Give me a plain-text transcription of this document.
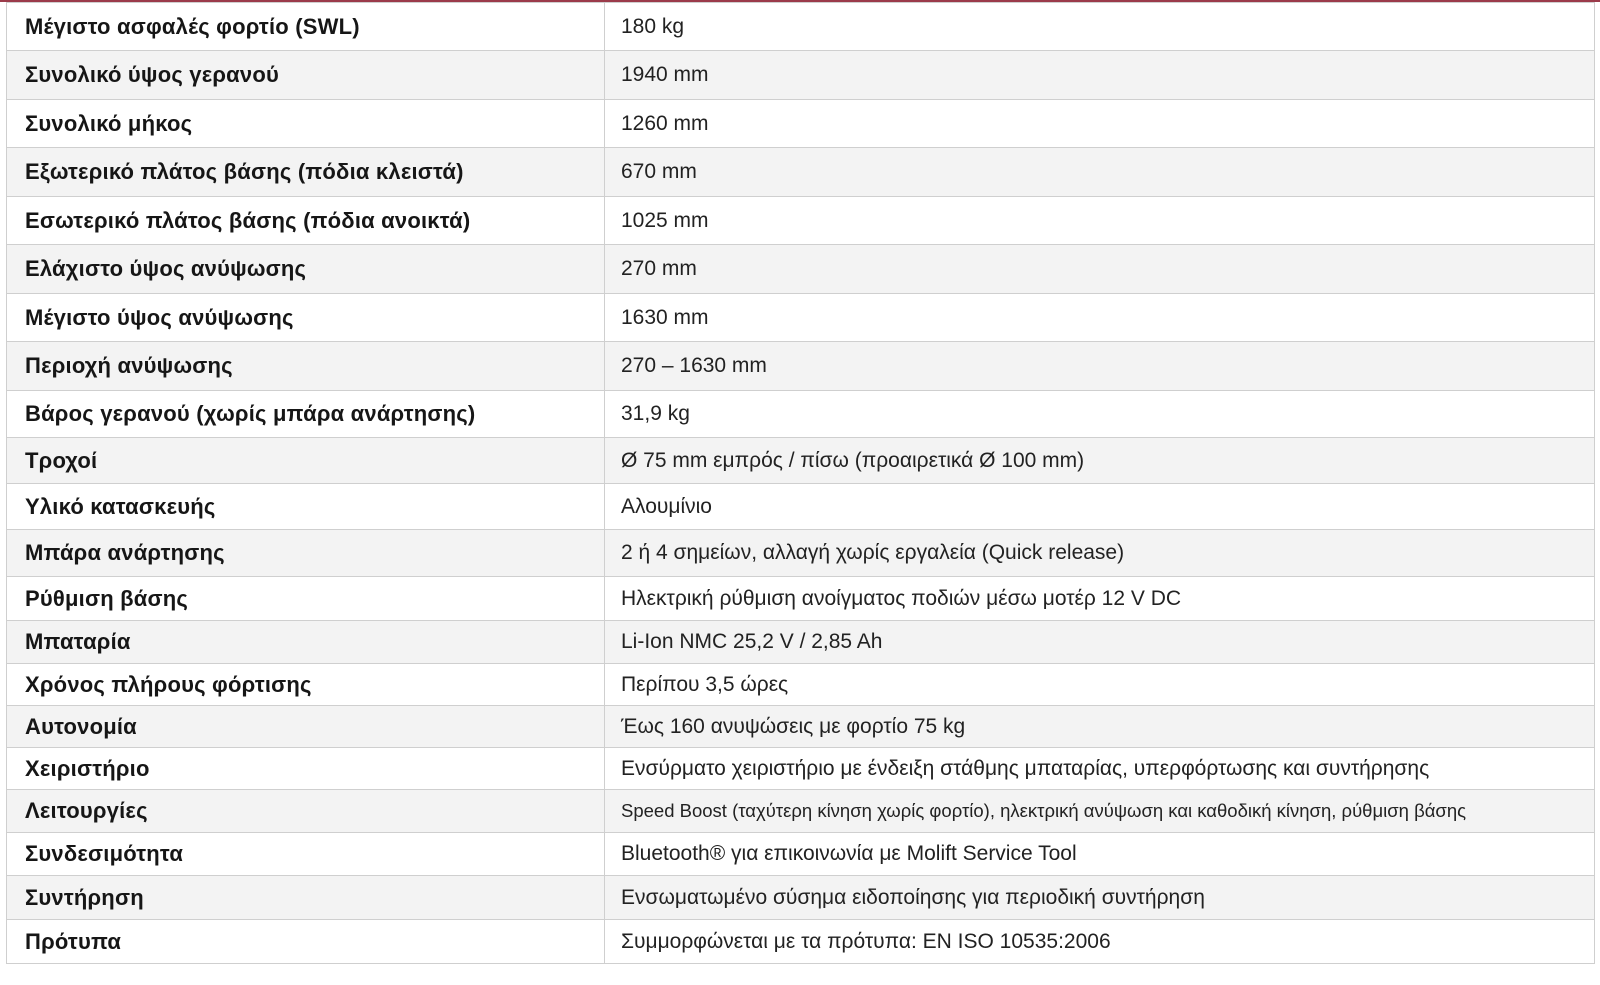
Μέγιστο ασφαλές φορτίο (SWL)	180 kg
Συνολικό ύψος γερανού	1940 mm
Συνολικό μήκος	1260 mm
Εξωτερικό πλάτος βάσης (πόδια κλειστά)	670 mm
Εσωτερικό πλάτος βάσης (πόδια ανοικτά)	1025 mm
Ελάχιστο ύψος ανύψωσης	270 mm
Μέγιστο ύψος ανύψωσης	1630 mm
Περιοχή ανύψωσης	270 – 1630 mm
Βάρος γερανού (χωρίς μπάρα ανάρτησης)	31,9 kg
Τροχοί	Ø 75 mm εμπρός / πίσω (προαιρετικά Ø 100 mm)
Υλικό κατασκευής	Αλουμίνιο
Μπάρα ανάρτησης	2 ή 4 σημείων, αλλαγή χωρίς εργαλεία (Quick release)
Ρύθμιση βάσης	Ηλεκτρική ρύθμιση ανοίγματος ποδιών μέσω μοτέρ 12 V DC
Μπαταρία	Li-Ion NMC 25,2 V / 2,85 Ah
Χρόνος πλήρους φόρτισης	Περίπου 3,5 ώρες
Αυτονομία	Έως 160 ανυψώσεις με φορτίο 75 kg
Χειριστήριο	Ενσύρματο χειριστήριο με ένδειξη στάθμης μπαταρίας, υπερφόρτωσης και συντήρησης
Λειτουργίες	Speed Boost (ταχύτερη κίνηση χωρίς φορτίο), ηλεκτρική ανύψωση και καθοδική κίνηση, ρύθμιση βάσης
Συνδεσιμότητα	Bluetooth® για επικοινωνία με Molift Service Tool
Συντήρηση	Ενσωματωμένο σύσημα ειδοποίησης για περιοδική συντήρηση
Πρότυπα	Συμμορφώνεται με τα πρότυπα: EN ISO 10535:2006
